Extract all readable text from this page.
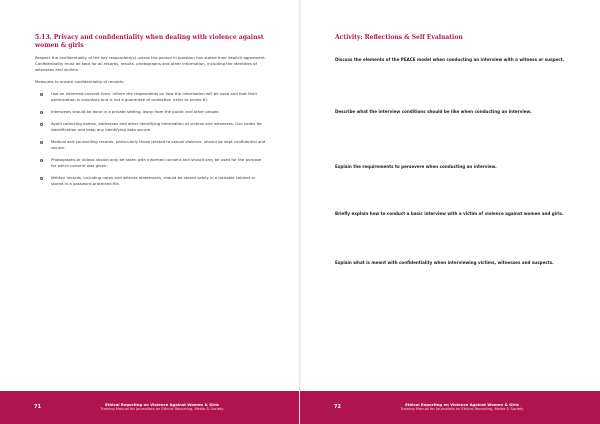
5.13. Privacy and confidentiality when dealing with violence against women & girls

Respect the confidentiality of the key respondent(s) unless the person in question has stated their explicit agreement. Confidentiality must be kept for all records, results, photographs and other information, including the identities of witnesses and victims.

Measures to ensure confidentiality of records:

Use an informed consent form. Inform the respondents on how the information will be used and that their participation is voluntary and is not a guarantee of protection (refer to annex 8).
Interviews should be done in a private setting, away from the public and other people.
Avoid collecting names, addresses and other identifying information of victims and witnesses. Use codes for identification and keep any identifying data secure.
Medical and counselling records, particularly those related to sexual violence, should be kept confidential and secure.
Photographs or videos should only be taken with informed consent and should only be used for the purpose for which consent was given.
Written records, including notes and witness statements, should be stored safely in a lockable cabinet or stored in a password-protected file.
71	Ethical Reporting on Violence Against Women & Girls
Training Manual for Journalists on Ethical Reporting, Media & Society
Activity: Reflections & Self Evaluation
Discuss the elements of the PEACE model when conducting an interview with a witness or suspect.
Describe what the interview conditions should be like when conducting an interview.
Explain the requirements to persevere when conducting an interview.
Briefly explain how to conduct a basic interview with a victim of violence against women and girls.
Explain what is meant with confidentiality when interviewing victims, witnesses and suspects.
72	Ethical Reporting on Violence Against Women & Girls
Training Manual for Journalists on Ethical Reporting, Media & Society
